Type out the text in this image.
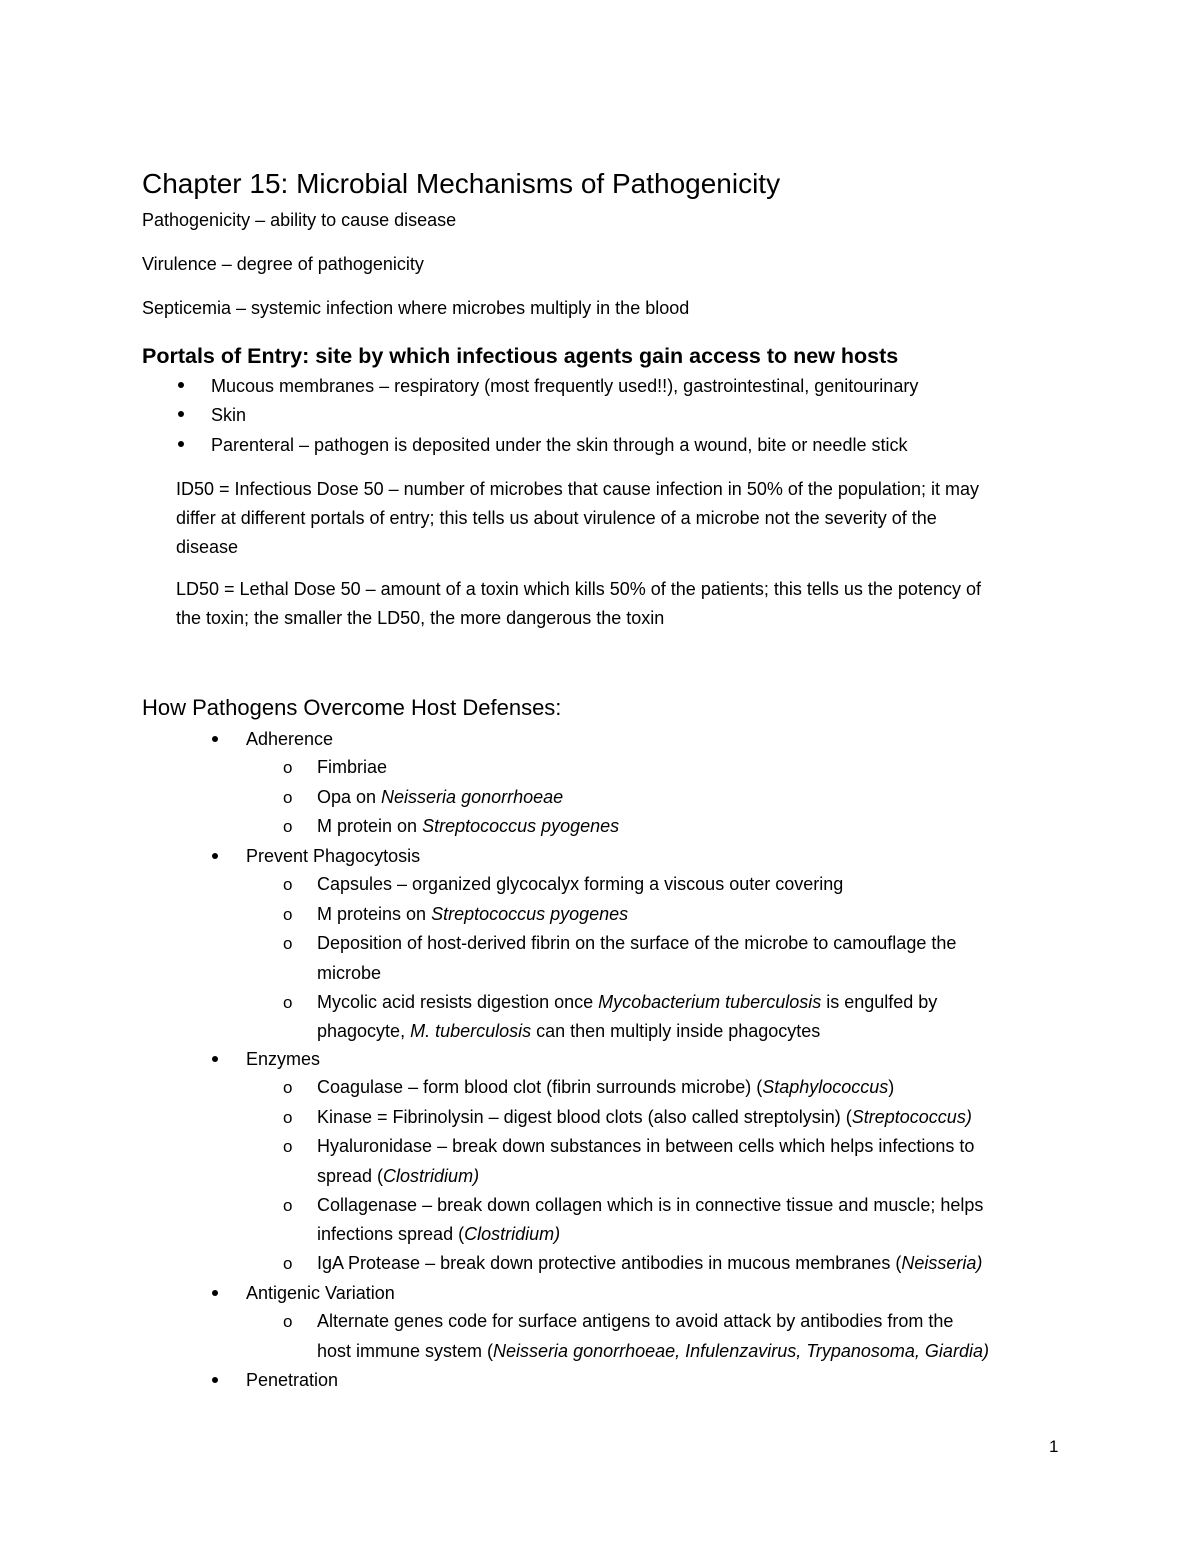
Chapter 15: Microbial Mechanisms of Pathogenicity
Pathogenicity – ability to cause disease
Virulence – degree of pathogenicity
Septicemia – systemic infection where microbes multiply in the blood
Portals of Entry: site by which infectious agents gain access to new hosts
Mucous membranes – respiratory (most frequently used!!), gastrointestinal, genitourinary
Skin
Parenteral – pathogen is deposited under the skin through a wound, bite or needle stick
ID50 = Infectious Dose 50 – number of microbes that cause infection in 50% of the population; it may
differ at different portals of entry; this tells us about virulence of a microbe not the severity of the
disease
LD50 = Lethal Dose 50 – amount of a toxin which kills 50% of the patients; this tells us the potency of
the toxin; the smaller the LD50, the more dangerous the toxin
How Pathogens Overcome Host Defenses:
Adherence
o Fimbriae
o Opa on Neisseria gonorrhoeae
o M protein on Streptococcus pyogenes
Prevent Phagocytosis
o Capsules – organized glycocalyx forming a viscous outer covering
o M proteins on Streptococcus pyogenes
o Deposition of host-derived fibrin on the surface of the microbe to camouflage the
microbe
o Mycolic acid resists digestion once Mycobacterium tuberculosis is engulfed by
phagocyte, M. tuberculosis can then multiply inside phagocytes
Enzymes
o Coagulase – form blood clot (fibrin surrounds microbe) (Staphylococcus)
o Kinase = Fibrinolysin – digest blood clots (also called streptolysin) (Streptococcus)
o Hyaluronidase – break down substances in between cells which helps infections to
spread (Clostridium)
o Collagenase – break down collagen which is in connective tissue and muscle; helps
infections spread (Clostridium)
o IgA Protease – break down protective antibodies in mucous membranes (Neisseria)
Antigenic Variation
o Alternate genes code for surface antigens to avoid attack by antibodies from the
host immune system (Neisseria gonorrhoeae, Infulenzavirus, Trypanosoma, Giardia)
Penetration
1
